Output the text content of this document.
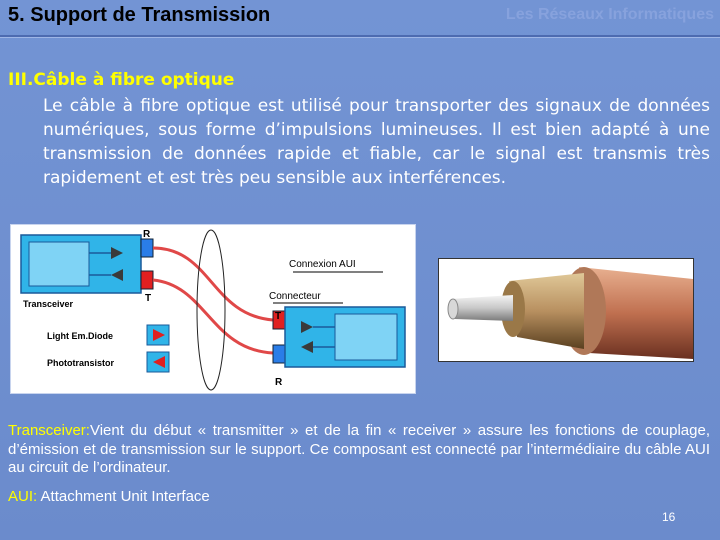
5. Support de Transmission	Les Réseaux Informatiques
III.Câble à fibre optique
Le câble à fibre optique est utilisé pour transporter des signaux de données numériques, sous forme d’impulsions lumineuses. Il est bien adapté à une transmission de données rapide et fiable, car le signal est transmis très rapidement et est très peu sensible aux interférences.
R
T
Transceiver
Light Em.Diode
Phototransistor
Connexion AUI
Connecteur
T
R
Transceiver:Vient du début « transmitter » et de la fin « receiver » assure les fonctions de couplage, d’émission et de transmission sur le support. Ce composant est connecté par l’intermédiaire du câble AUI au circuit de l’ordinateur.
AUI: Attachment Unit Interface
16
